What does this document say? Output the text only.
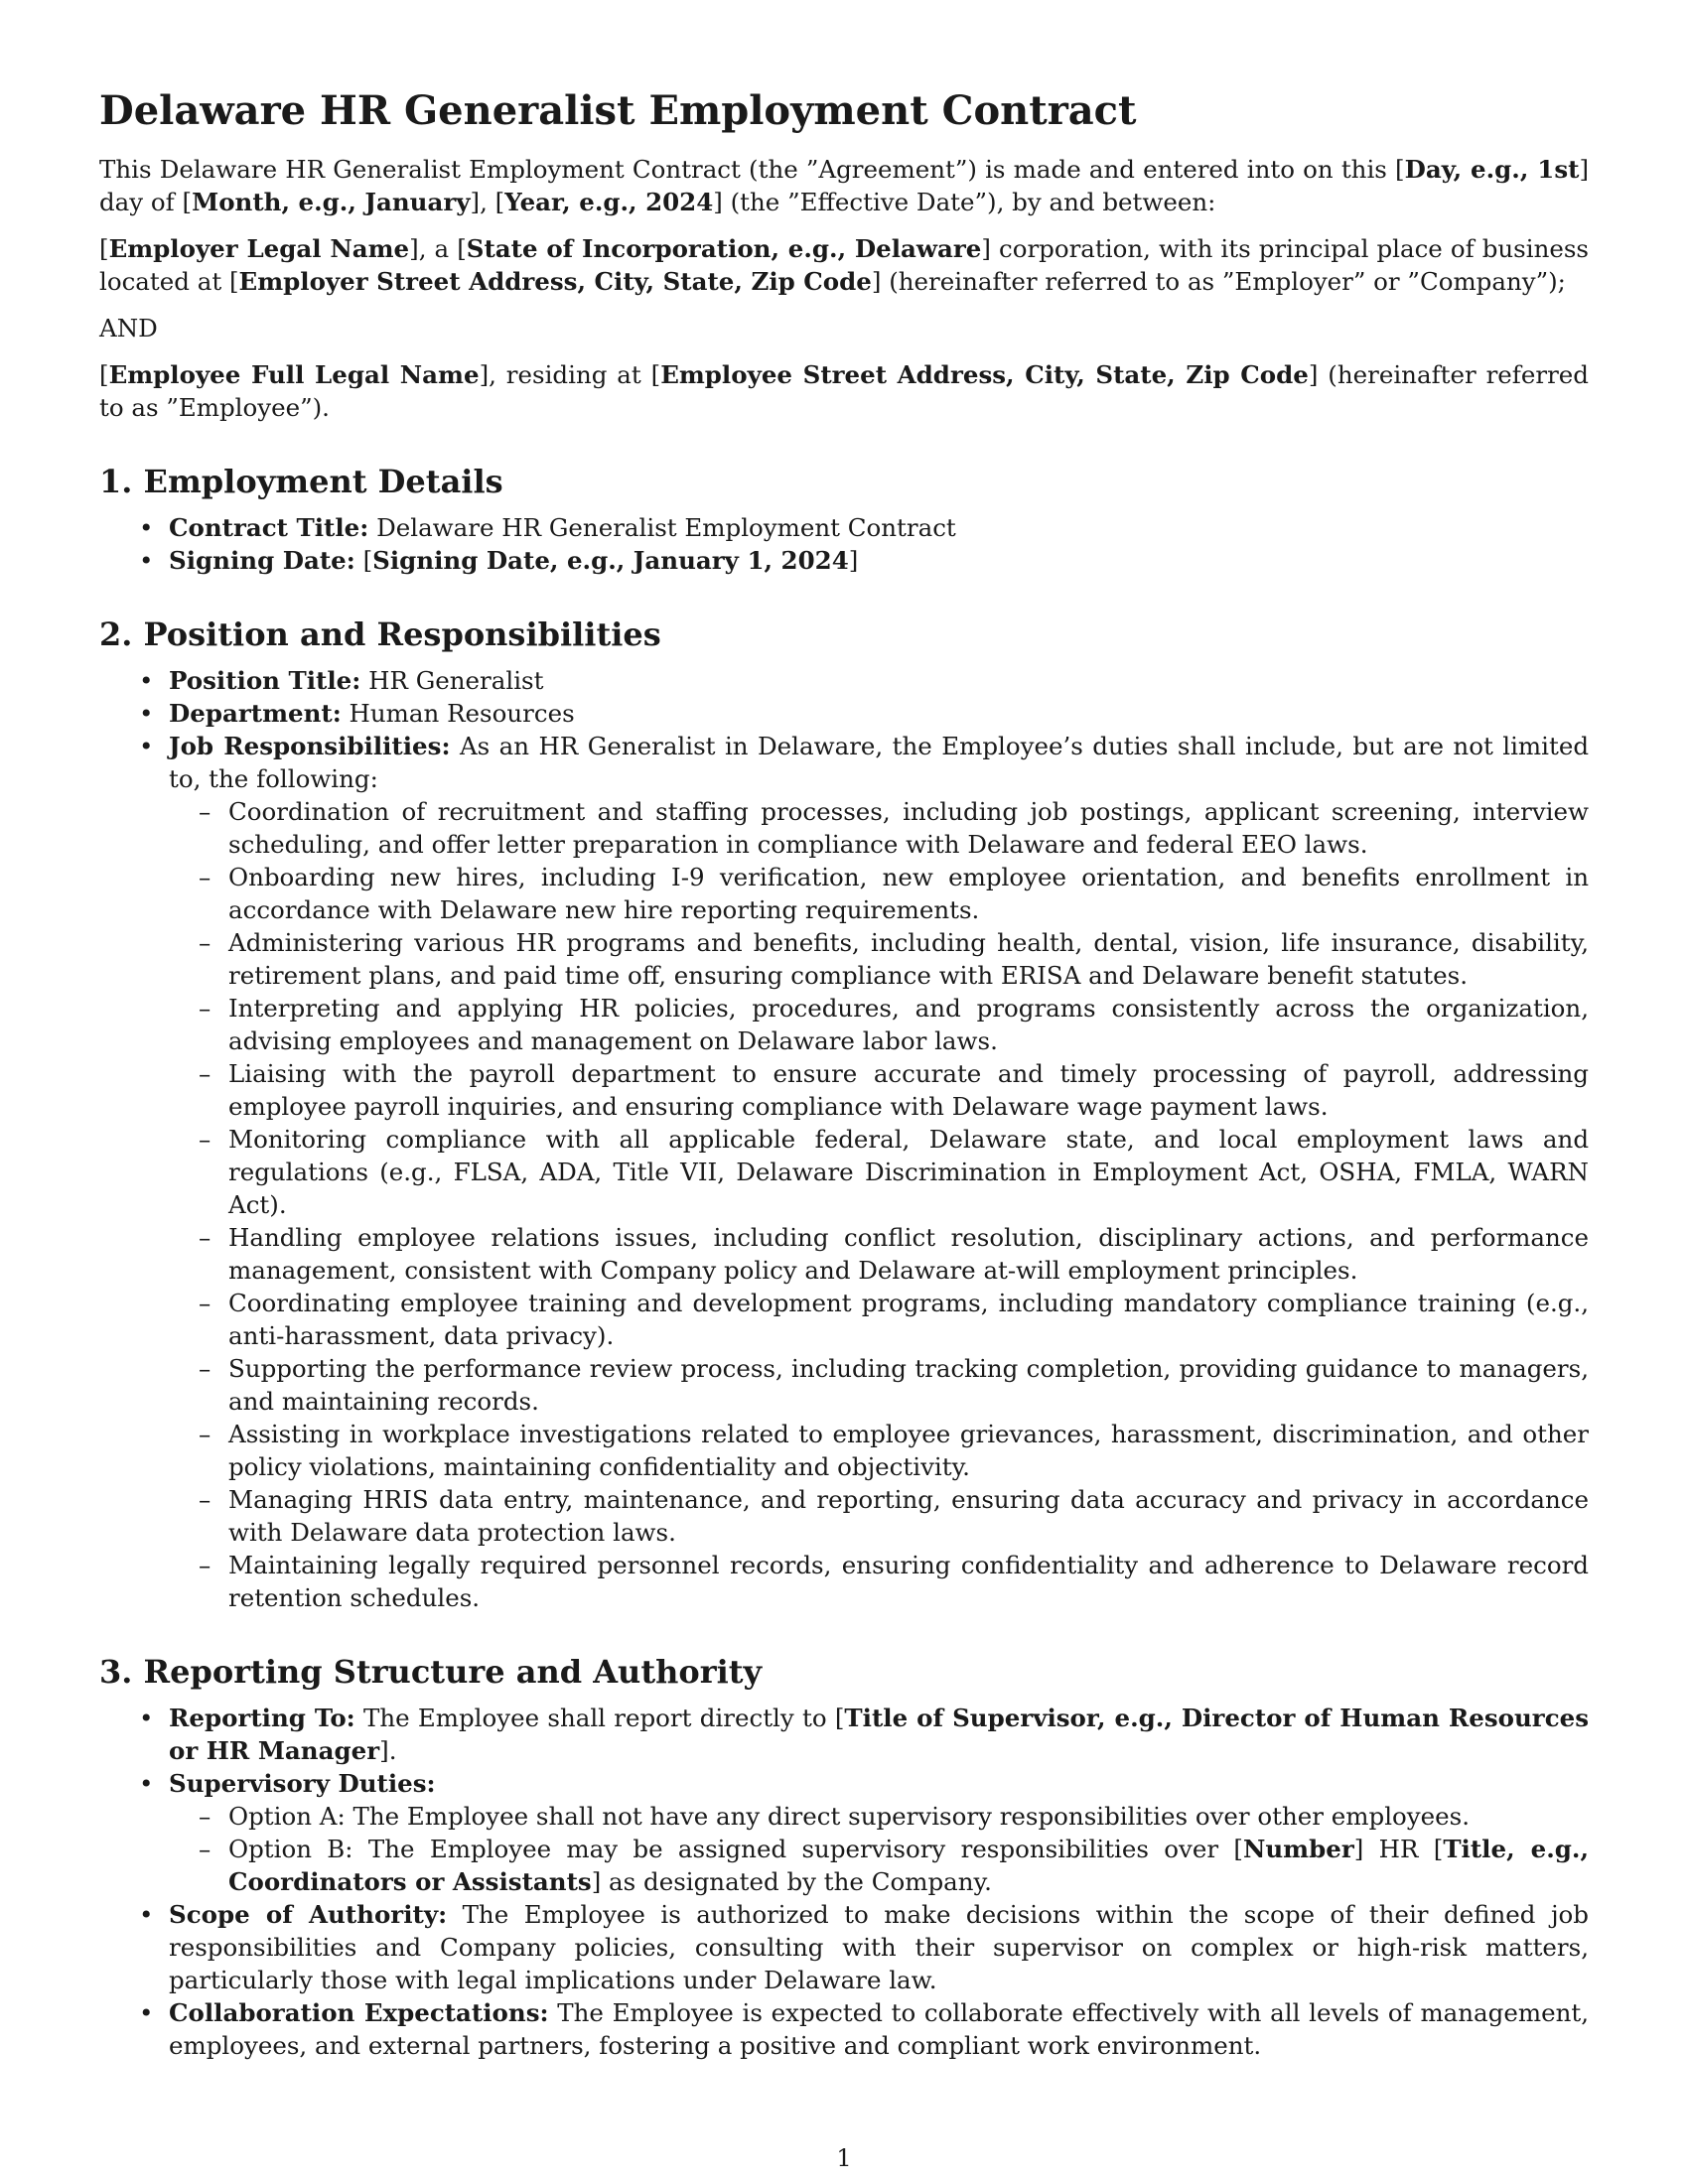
Delaware HR Generalist Employment Contract

This Delaware HR Generalist Employment Contract (the ”Agreement”) is made and entered into on this [Day, e.g., 1st] day of [Month, e.g., January], [Year, e.g., 2024] (the ”Effective Date”), by and between:

[Employer Legal Name], a [State of Incorporation, e.g., Delaware] corporation, with its principal place of business located at [Employer Street Address, City, State, Zip Code] (hereinafter referred to as ”Employer” or ”Company”);

AND

[Employee Full Legal Name], residing at [Employee Street Address, City, State, Zip Code] (hereinafter referred to as ”Employee”).

1. Employment Details
• Contract Title: Delaware HR Generalist Employment Contract
• Signing Date: [Signing Date, e.g., January 1, 2024]
2. Position and Responsibilities
• Position Title: HR Generalist
• Department: Human Resources
• Job Responsibilities: As an HR Generalist in Delaware, the Employee’s duties shall include, but are not limited to, the following:
– Coordination of recruitment and staffing processes, including job postings, applicant screening, interview scheduling, and offer letter preparation in compliance with Delaware and federal EEO laws.
– Onboarding new hires, including I-9 verification, new employee orientation, and benefits enrollment in accordance with Delaware new hire reporting requirements.
– Administering various HR programs and benefits, including health, dental, vision, life insurance, disability, retirement plans, and paid time off, ensuring compliance with ERISA and Delaware benefit statutes.
– Interpreting and applying HR policies, procedures, and programs consistently across the organization, advising employees and management on Delaware labor laws.
– Liaising with the payroll department to ensure accurate and timely processing of payroll, addressing employee payroll inquiries, and ensuring compliance with Delaware wage payment laws.
– Monitoring compliance with all applicable federal, Delaware state, and local employment laws and regulations (e.g., FLSA, ADA, Title VII, Delaware Discrimination in Employment Act, OSHA, FMLA, WARN Act).
– Handling employee relations issues, including conflict resolution, disciplinary actions, and performance management, consistent with Company policy and Delaware at-will employment principles.
– Coordinating employee training and development programs, including mandatory compliance training (e.g., anti-harassment, data privacy).
– Supporting the performance review process, including tracking completion, providing guidance to managers, and maintaining records.
– Assisting in workplace investigations related to employee grievances, harassment, discrimination, and other policy violations, maintaining confidentiality and objectivity.
– Managing HRIS data entry, maintenance, and reporting, ensuring data accuracy and privacy in accordance with Delaware data protection laws.
– Maintaining legally required personnel records, ensuring confidentiality and adherence to Delaware record retention schedules.
3. Reporting Structure and Authority
• Reporting To: The Employee shall report directly to [Title of Supervisor, e.g., Director of Human Resources or HR Manager].
• Supervisory Duties:
– Option A: The Employee shall not have any direct supervisory responsibilities over other employees.
– Option B: The Employee may be assigned supervisory responsibilities over [Number] HR [Title, e.g., Coordinators or Assistants] as designated by the Company.
• Scope of Authority: The Employee is authorized to make decisions within the scope of their defined job responsibilities and Company policies, consulting with their supervisor on complex or high-risk matters, particularly those with legal implications under Delaware law.
• Collaboration Expectations: The Employee is expected to collaborate effectively with all levels of management, employees, and external partners, fostering a positive and compliant work environment.
1
